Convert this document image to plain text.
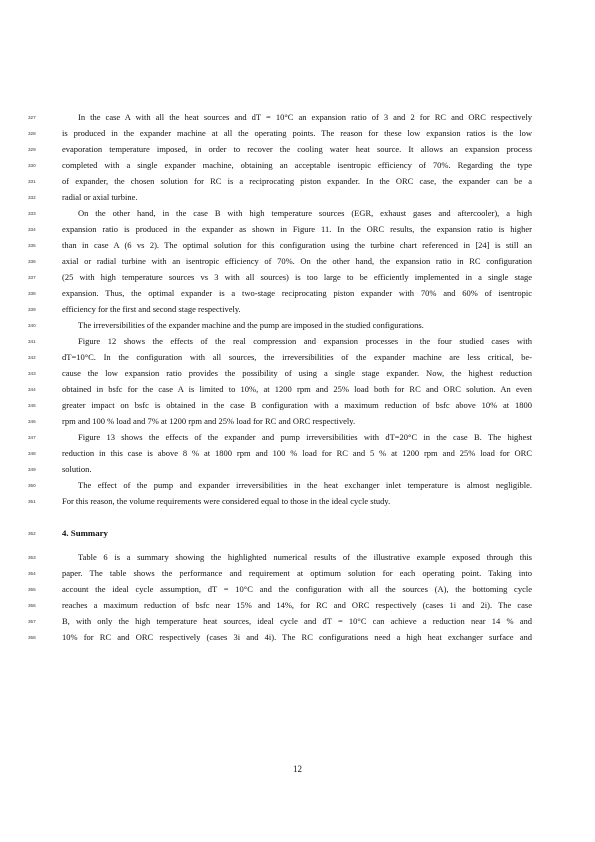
327	In the case A with all the heat sources and dT = 10°C an expansion ratio of 3 and 2 for RC and ORC respectively
328	is produced in the expander machine at all the operating points. The reason for these low expansion ratios is the low
329	evaporation temperature imposed, in order to recover the cooling water heat source. It allows an expansion process
330	completed with a single expander machine, obtaining an acceptable isentropic efficiency of 70%. Regarding the type
331	of expander, the chosen solution for RC is a reciprocating piston expander. In the ORC case, the expander can be a
332	radial or axial turbine.
333	On the other hand, in the case B with high temperature sources (EGR, exhaust gases and aftercooler), a high
334	expansion ratio is produced in the expander as shown in Figure 11. In the ORC results, the expansion ratio is higher
335	than in case A (6 vs 2). The optimal solution for this configuration using the turbine chart referenced in [24] is still an
336	axial or radial turbine with an isentropic efficiency of 70%. On the other hand, the expansion ratio in RC configuration
337	(25 with high temperature sources vs 3 with all sources) is too large to be efficiently implemented in a single stage
338	expansion. Thus, the optimal expander is a two-stage reciprocating piston expander with 70% and 60% of isentropic
339	efficiency for the first and second stage respectively.
340	The irreversibilities of the expander machine and the pump are imposed in the studied configurations.
341	Figure 12 shows the effects of the real compression and expansion processes in the four studied cases with
342	dT=10°C. In the configuration with all sources, the irreversibilities of the expander machine are less critical, be-
343	cause the low expansion ratio provides the possibility of using a single stage expander. Now, the highest reduction
344	obtained in bsfc for the case A is limited to 10%, at 1200 rpm and 25% load both for RC and ORC solution. An even
345	greater impact on bsfc is obtained in the case B configuration with a maximum reduction of bsfc above 10% at 1800
346	rpm and 100 % load and 7% at 1200 rpm and 25% load for RC and ORC respectively.
347	Figure 13 shows the effects of the expander and pump irreversibilities with dT=20°C in the case B. The highest
348	reduction in this case is above 8 % at 1800 rpm and 100 % load for RC and 5 % at 1200 rpm and 25% load for ORC
349	solution.
350	The effect of the pump and expander irreversibilities in the heat exchanger inlet temperature is almost negligible.
351	For this reason, the volume requirements were considered equal to those in the ideal cycle study.
352	4. Summary
353	Table 6 is a summary showing the highlighted numerical results of the illustrative example exposed through this
354	paper. The table shows the performance and requirement at optimum solution for each operating point. Taking into
355	account the ideal cycle assumption, dT = 10°C and the configuration with all the sources (A), the bottoming cycle
356	reaches a maximum reduction of bsfc near 15% and 14%, for RC and ORC respectively (cases 1i and 2i). The case
357	B, with only the high temperature heat sources, ideal cycle and dT = 10°C can achieve a reduction near 14 % and
358	10% for RC and ORC respectively (cases 3i and 4i). The RC configurations need a high heat exchanger surface and
12
